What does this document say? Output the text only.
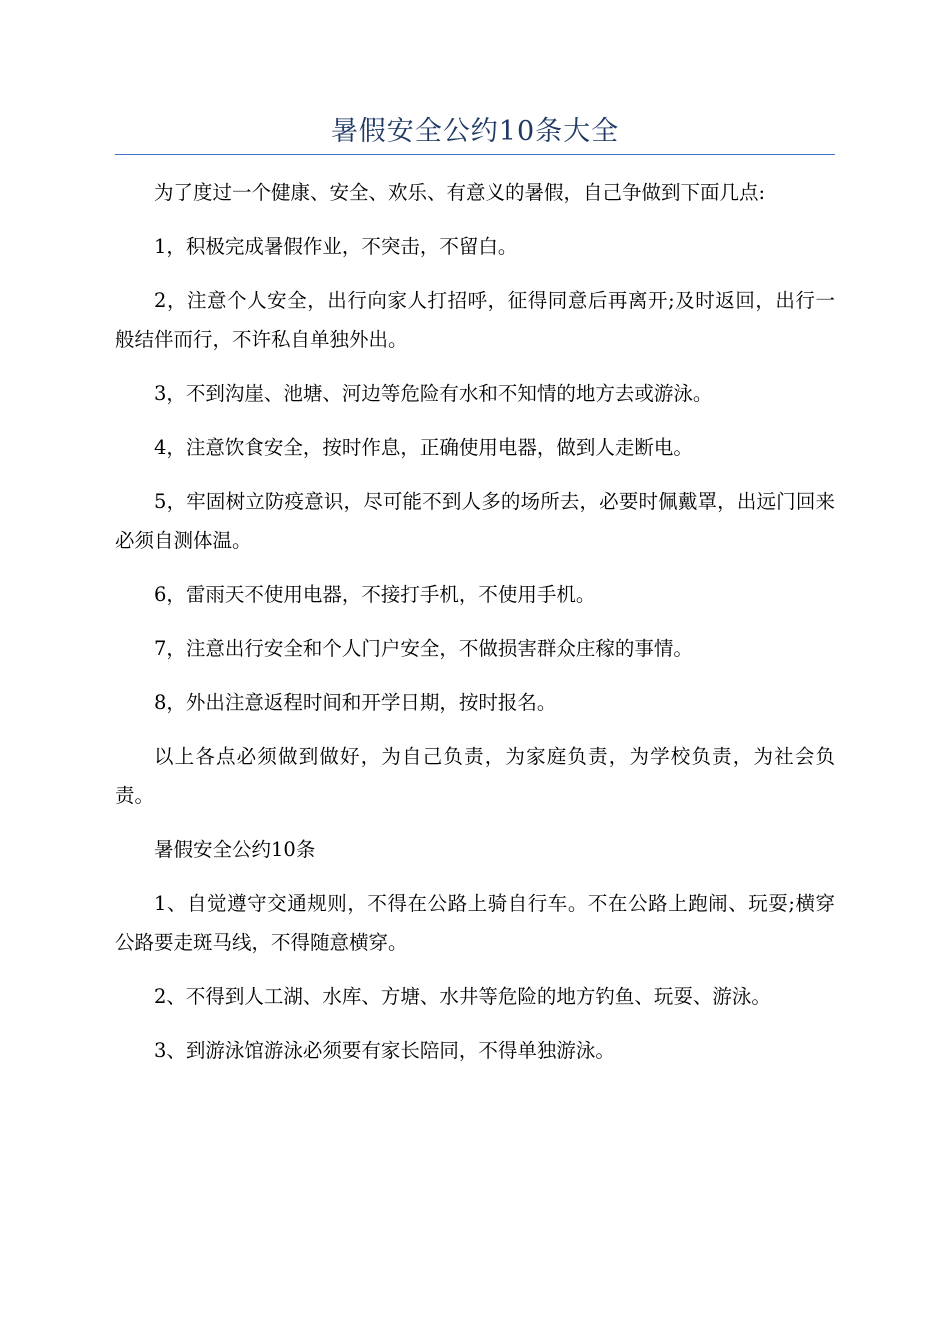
暑假安全公约10条大全

为了度过一个健康、安全、欢乐、有意义的暑假，自己争做到下面几点:

1，积极完成暑假作业，不突击，不留白。

2，注意个人安全，出行向家人打招呼，征得同意后再离开;及时返回，出行一般结伴而行，不许私自单独外出。

3，不到沟崖、池塘、河边等危险有水和不知情的地方去或游泳。

4，注意饮食安全，按时作息，正确使用电器，做到人走断电。

5，牢固树立防疫意识，尽可能不到人多的场所去，必要时佩戴罩，出远门回来必须自测体温。

6，雷雨天不使用电器，不接打手机，不使用手机。

7，注意出行安全和个人门户安全，不做损害群众庄稼的事情。

8，外出注意返程时间和开学日期，按时报名。

以上各点必须做到做好，为自己负责，为家庭负责，为学校负责，为社会负责。

暑假安全公约10条

1、自觉遵守交通规则，不得在公路上骑自行车。不在公路上跑闹、玩耍;横穿公路要走斑马线，不得随意横穿。

2、不得到人工湖、水库、方塘、水井等危险的地方钓鱼、玩耍、游泳。

3、到游泳馆游泳必须要有家长陪同，不得单独游泳。
